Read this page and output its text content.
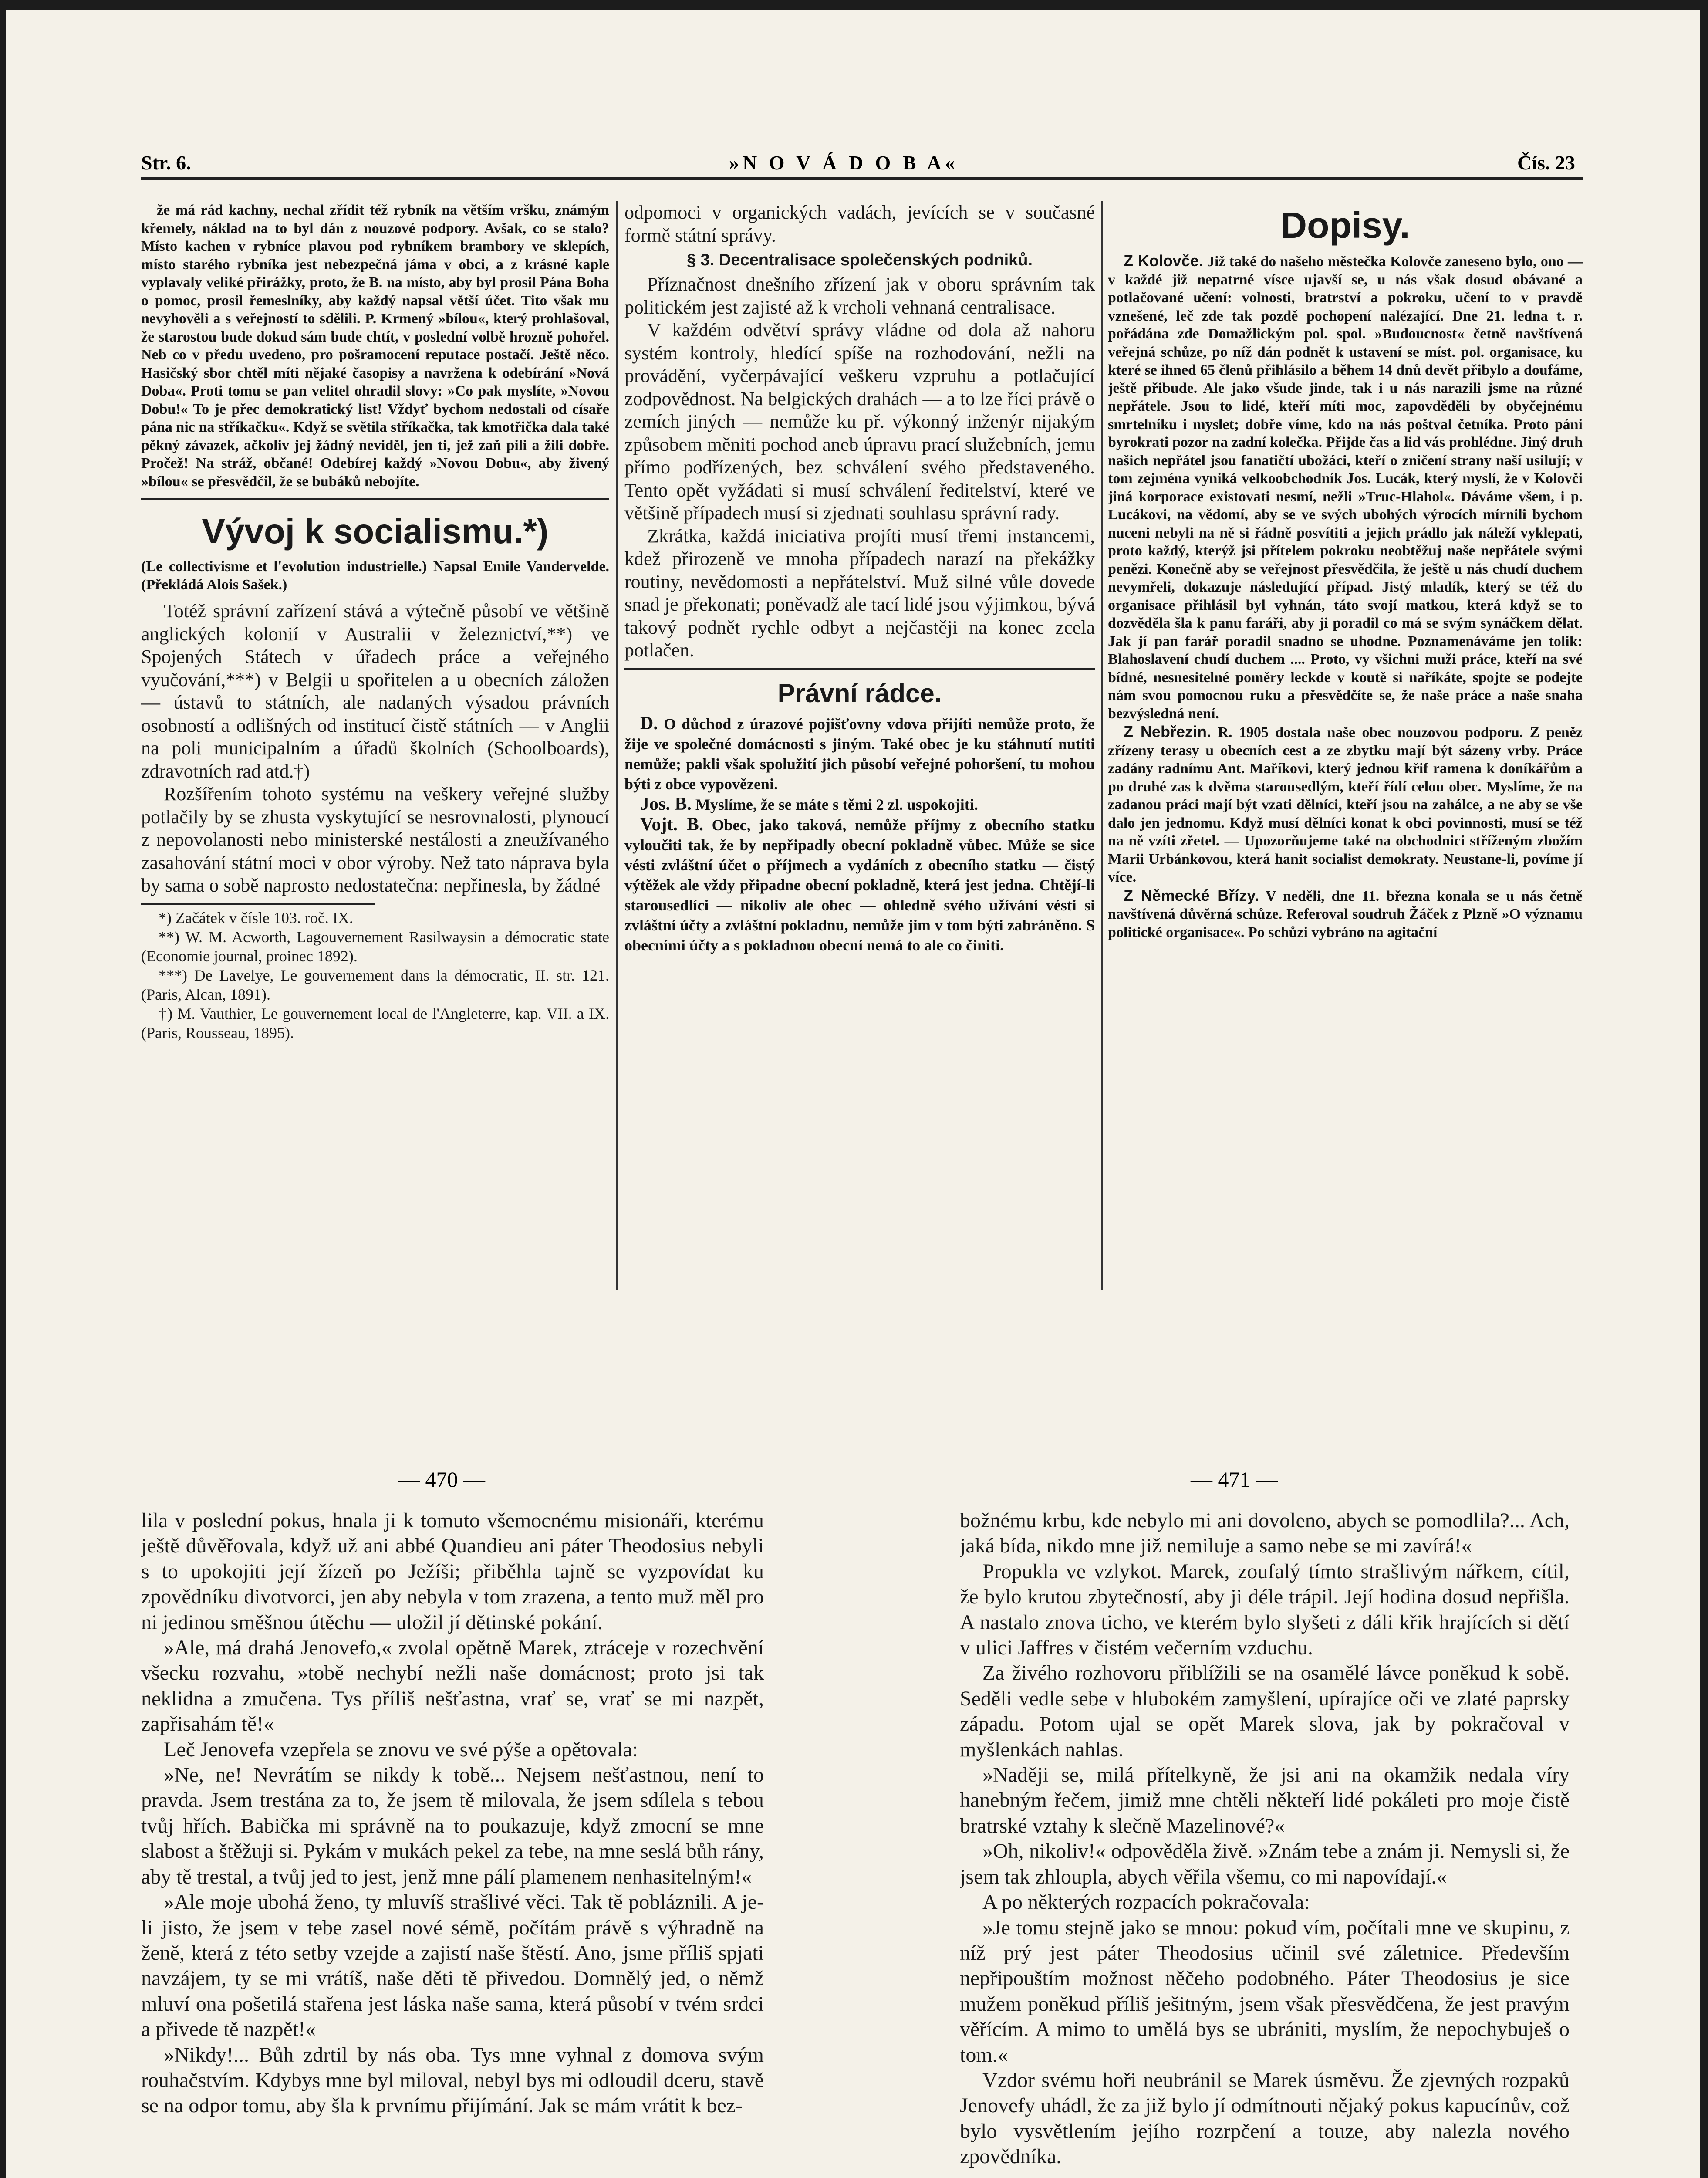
Str. 6.	»N O V Á D O B A«	Čís. 23

že má rád kachny, nechal zřídit též rybník na větším vršku, známým křemely, náklad na to byl dán z nouzové podpory. Avšak, co se stalo? Místo kachen v rybníce plavou pod rybníkem brambory ve sklepích, místo starého rybníka jest nebezpečná jáma v obci, a z krásné kaple vyplavaly veliké přirážky, proto, že B. na místo, aby byl prosil Pána Boha o pomoc, prosil řemeslníky, aby každý napsal větší účet. Tito však mu nevyhověli a s veřejností to sdělili. P. Krmený »bílou«, který prohlašoval, že starostou bude dokud sám bude chtít, v poslední volbě hrozně pohořel. Neb co v předu uvedeno, pro pošramocení reputace postačí. Ještě něco. Hasičský sbor chtěl míti nějaké časopisy a navržena k odebírání »Nová Doba«. Proti tomu se pan velitel ohradil slovy: »Co pak myslíte, »Novou Dobu!« To je přec demokratický list! Vždyť bychom nedostali od císaře pána nic na stříkačku«. Když se světila stříkačka, tak kmotřička dala také pěkný závazek, ačkoliv jej žádný neviděl, jen ti, jež zaň pili a žili dobře. Pročež! Na stráž, občané! Odebírej každý »Novou Dobu«, aby živený »bílou« se přesvědčil, že se bubáků nebojíte.

Vývoj k socialismu.*)
(Le collectivisme et l'evolution industrielle.) Napsal Emile Vandervelde. (Překládá Alois Sašek.)

Totéž správní zařízení stává a výtečně působí ve většině anglických kolonií v Australii v železnictví,**) ve Spojených Státech v úřadech práce a veřejného vyučování,***) v Belgii u spořitelen a u obecních záložen — ústavů to státních, ale nadaných výsadou právních osobností a odlišných od institucí čistě státních — v Anglii na poli municipalním a úřadů školních (Schoolboards), zdravotních rad atd.†)

Rozšířením tohoto systému na veškery veřejné služby potlačily by se zhusta vyskytující se nesrovnalosti, plynoucí z nepovolanosti nebo ministerské nestálosti a zneužívaného zasahování státní moci v obor výroby. Než tato náprava byla by sama o sobě naprosto nedostatečna: nepřinesla, by žádné

*) Začátek v čísle 103. roč. IX.

**) W. M. Acworth, Lagouvernement Rasilwaysin a démocratic state (Economie journal, proinec 1892).

***) De Lavelye, Le gouvernement dans la démocratic, II. str. 121. (Paris, Alcan, 1891).

†) M. Vauthier, Le gouvernement local de l'Angleterre, kap. VII. a IX. (Paris, Rousseau, 1895).

odpomoci v organických vadách, jevících se v současné formě státní správy.

§ 3. Decentralisace společenských podniků.

Příznačnost dnešního zřízení jak v oboru správním tak politickém jest zajisté až k vrcholi vehnaná centralisace.

V každém odvětví správy vládne od dola až nahoru systém kontroly, hledící spíše na rozhodování, nežli na provádění, vyčerpávající veškeru vzpruhu a potlačující zodpovědnost. Na belgických drahách — a to lze říci právě o zemích jiných — nemůže ku př. výkonný inženýr nijakým způsobem měniti pochod aneb úpravu prací služebních, jemu přímo podřízených, bez schválení svého představeného. Tento opět vyžádati si musí schválení ředitelství, které ve většině případech musí si zjednati souhlasu správní rady.

Zkrátka, každá iniciativa projíti musí třemi instancemi, kdež přirozeně ve mnoha případech narazí na překážky routiny, nevědomosti a nepřátelství. Muž silné vůle dovede snad je překonati; poněvadž ale tací lidé jsou výjimkou, bývá takový podnět rychle odbyt a nejčastěji na konec zcela potlačen.

Právní rádce.

D. O důchod z úrazové pojišťovny vdova přijíti nemůže proto, že žije ve společné domácnosti s jiným. Také obec je ku stáhnutí nutiti nemůže; pakli však spolužití jich působí veřejné pohoršení, tu mohou býti z obce vypovězeni.

Jos. B. Myslíme, že se máte s těmi 2 zl. uspokojiti.

Vojt. B. Obec, jako taková, nemůže příjmy z obecního statku vyloučiti tak, že by nepřipadly obecní pokladně vůbec. Může se sice vésti zvláštní účet o příjmech a vydáních z obecního statku — čistý výtěžek ale vždy připadne obecní pokladně, která jest jedna. Chtějí-li starousedlíci — nikoliv ale obec — ohledně svého užívání vésti si zvláštní účty a zvláštní pokladnu, nemůže jim v tom býti zabráněno. S obecními účty a s pokladnou obecní nemá to ale co činiti.

Dopisy.

Z Kolovče. Již také do našeho městečka Kolovče zaneseno bylo, ono — v každé již nepatrné vísce ujavší se, u nás však dosud obávané a potlačované učení: volnosti, bratrství a pokroku, učení to v pravdě vznešené, leč zde tak pozdě pochopení nalézající. Dne 21. ledna t. r. pořádána zde Domažlickým pol. spol. »Budoucnost« četně navštívená veřejná schůze, po níž dán podnět k ustavení se míst. pol. organisace, ku které se ihned 65 členů přihlásilo a během 14 dnů devět přibylo a doufáme, ještě přibude. Ale jako všude jinde, tak i u nás narazili jsme na různé nepřátele. Jsou to lidé, kteří míti moc, zapovděděli by obyčejnému smrtelníku i myslet; dobře víme, kdo na nás poštval četníka. Proto páni byrokrati pozor na zadní kolečka. Přijde čas a lid vás prohlédne. Jiný druh našich nepřátel jsou fanatičtí ubožáci, kteří o zničení strany naší usilují; v tom zejména vyniká velkoobchodník Jos. Lucák, který myslí, že v Kolovči jiná korporace existovati nesmí, nežli »Truc-Hlahol«. Dáváme všem, i p. Lucákovi, na vědomí, aby se ve svých ubohých výrocích mírnili bychom nuceni nebyli na ně si řádně posvítiti a jejich prádlo jak náleží vyklepati, proto každý, kterýž jsi přítelem pokroku neobtěžuj naše nepřátele svými penězi. Konečně aby se veřejnost přesvědčila, že ještě u nás chudí duchem nevymřeli, dokazuje následující případ. Jistý mladík, který se též do organisace přihlásil byl vyhnán, táto svojí matkou, která když se to dozvěděla šla k panu faráři, aby ji poradil co má se svým synáčkem dělat. Jak jí pan farář poradil snadno se uhodne. Poznamenáváme jen tolik: Blahoslavení chudí duchem .... Proto, vy všichni muži práce, kteří na své bídné, nesnesitelné poměry leckde v koutě si naříkáte, spojte se podejte nám svou pomocnou ruku a přesvědčíte se, že naše práce a naše snaha bezvýsledná není.

Z Nebřezin. R. 1905 dostala naše obec nouzovou podporu. Z peněz zřízeny terasy u obecních cest a ze zbytku mají být sázeny vrby. Práce zadány radnímu Ant. Maříkovi, který jednou křif ramena k doníkářům a po druhé zas k dvěma starousedlým, kteří řídí celou obec. Myslíme, že na zadanou práci mají být vzati dělníci, kteří jsou na zahálce, a ne aby se vše dalo jen jednomu. Když musí dělníci konat k obci povinnosti, musí se též na ně vzíti zřetel. — Upozorňujeme také na obchodnici stříženým zbožím Marii Urbánkovou, která hanit socialist demokraty. Neustane-li, povíme jí více.

Z Německé Břízy. V neděli, dne 11. března konala se u nás četně navštívená důvěrná schůze. Referoval soudruh Žáček z Plzně »O významu politické organisace«. Po schůzi vybráno na agitační

— 470 —	— 471 —

lila v poslední pokus, hnala ji k tomuto všemocnému misionáři, kterému ještě důvěřovala, když už ani abbé Quandieu ani páter Theodosius nebyli s to upokojiti její žízeň po Ježíši; přiběhla tajně se vyzpovídat ku zpovědníku divotvorci, jen aby nebyla v tom zrazena, a tento muž měl pro ni jedinou směšnou útěchu — uložil jí dětinské pokání.

»Ale, má drahá Jenovefo,« zvolal opětně Marek, ztráceje v rozechvění všecku rozvahu, »tobě nechybí nežli naše domácnost; proto jsi tak neklidna a zmučena. Tys příliš nešťastna, vrať se, vrať se mi nazpět, zapřisahám tě!«

Leč Jenovefa vzepřela se znovu ve své pýše a opětovala:

»Ne, ne! Nevrátím se nikdy k tobě... Nejsem nešťastnou, není to pravda. Jsem trestána za to, že jsem tě milovala, že jsem sdílela s tebou tvůj hřích. Babička mi správně na to poukazuje, když zmocní se mne slabost a štěžuji si. Pykám v mukách pekel za tebe, na mne seslá bůh rány, aby tě trestal, a tvůj jed to jest, jenž mne pálí plamenem nenhasitelným!«

»Ale moje ubohá ženo, ty mluvíš strašlivé věci. Tak tě pobláznili. A je-li jisto, že jsem v tebe zasel nové sémě, počítám právě s výhradně na ženě, která z této setby vzejde a zajistí naše štěstí. Ano, jsme příliš spjati navzájem, ty se mi vrátíš, naše děti tě přivedou. Domnělý jed, o němž mluví ona pošetilá stařena jest láska naše sama, která působí v tvém srdci a přivede tě nazpět!«

»Nikdy!... Bůh zdrtil by nás oba. Tys mne vyhnal z domova svým rouhačstvím. Kdybys mne byl miloval, nebyl bys mi odloudil dceru, stavě se na odpor tomu, aby šla k prvnímu přijímání. Jak se mám vrátit k bez-

božnému krbu, kde nebylo mi ani dovoleno, abych se pomodlila?... Ach, jaká bída, nikdo mne již nemiluje a samo nebe se mi zavírá!«

Propukla ve vzlykot. Marek, zoufalý tímto strašlivým nářkem, cítil, že bylo krutou zbytečností, aby ji déle trápil. Její hodina dosud nepřišla. A nastalo znova ticho, ve kterém bylo slyšeti z dáli křik hrajících si dětí v ulici Jaffres v čistém večerním vzduchu.

Za živého rozhovoru přiblížili se na osamělé lávce poněkud k sobě. Seděli vedle sebe v hlubokém zamyšlení, upírajíce oči ve zlaté paprsky západu. Potom ujal se opět Marek slova, jak by pokračoval v myšlenkách nahlas.

»Naději se, milá přítelkyně, že jsi ani na okamžik nedala víry hanebným řečem, jimiž mne chtěli někteří lidé pokáleti pro moje čistě bratrské vztahy k slečně Mazelinové?«

»Oh, nikoliv!« odpověděla živě. »Znám tebe a znám ji. Nemysli si, že jsem tak zhloupla, abych věřila všemu, co mi napovídají.«

A po některých rozpacích pokračovala:

»Je tomu stejně jako se mnou: pokud vím, počítali mne ve skupinu, z níž prý jest páter Theodosius učinil své záletnice. Především nepřipouštím možnost něčeho podobného. Páter Theodosius je sice mužem poněkud příliš ješitným, jsem však přesvědčena, že jest pravým věřícím. A mimo to umělá bys se ubrániti, myslím, že nepochybuješ o tom.«

Vzdor svému hoři neubránil se Marek úsměvu. Že zjevných rozpaků Jenovefy uhádl, že za již bylo jí odmítnouti nějaký pokus kapucínův, což bylo vysvětlením jejího rozrpčení a touze, aby nalezla nového zpovědníka.
